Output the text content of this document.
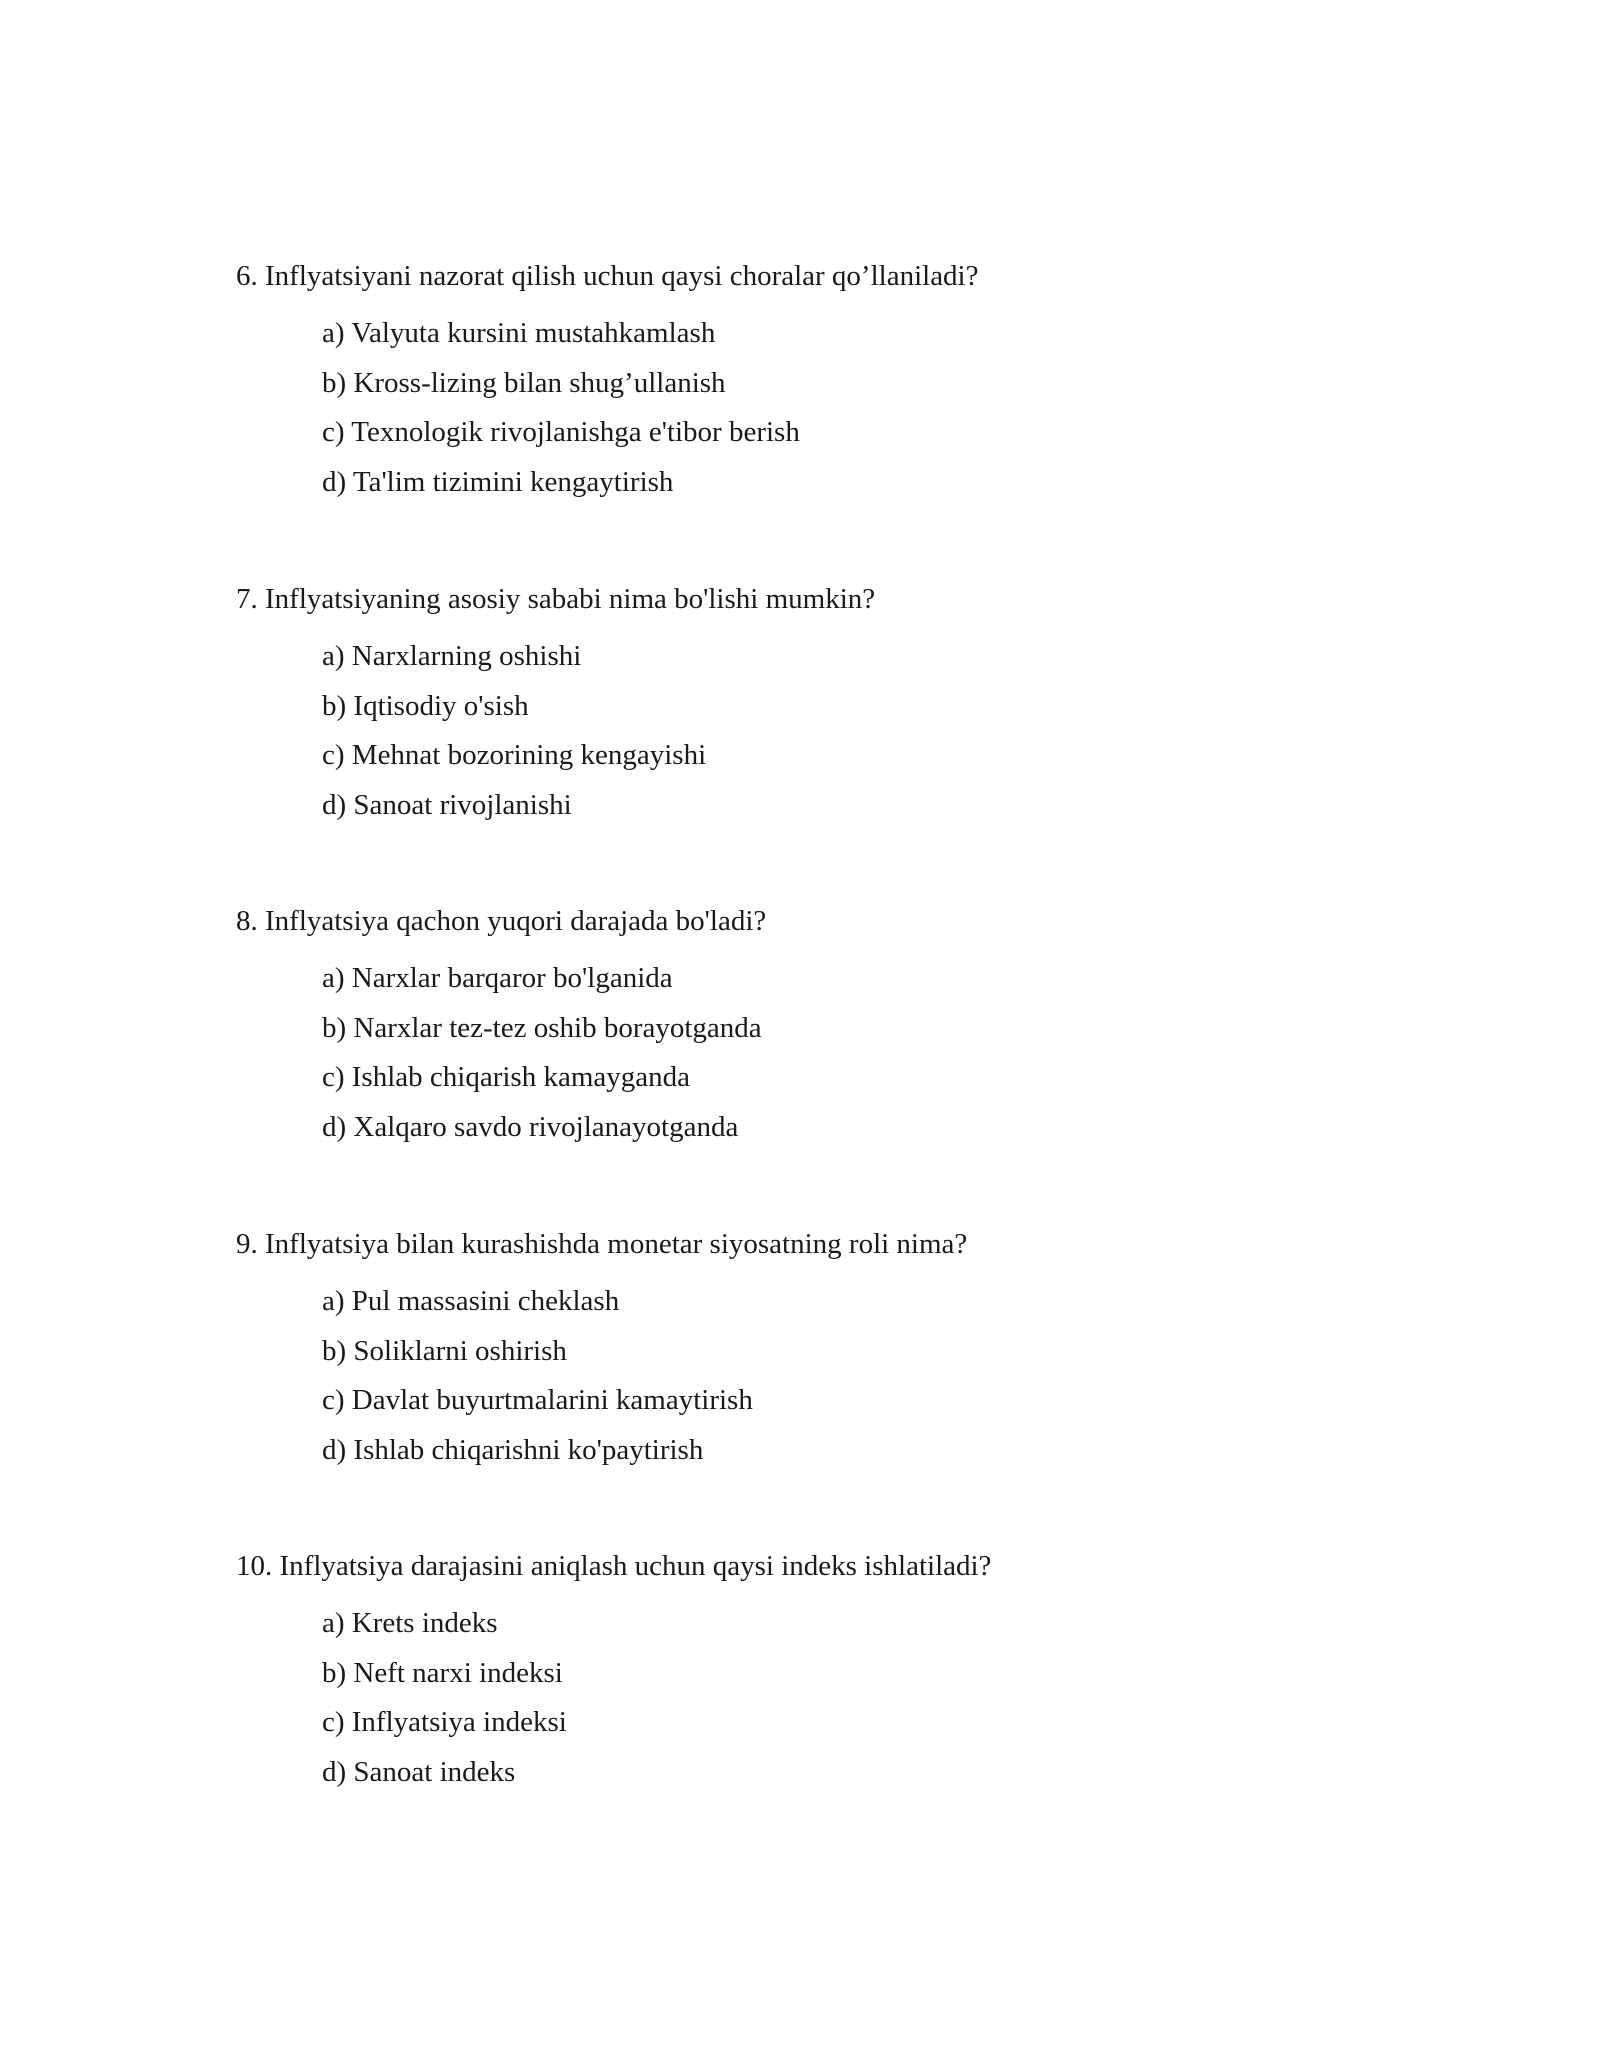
6. Inflyatsiyani nazorat qilish uchun qaysi choralar qo’llaniladi?

a) Valyuta kursini mustahkamlash
b) Kross-lizing bilan shug’ullanish
c) Texnologik rivojlanishga e'tibor berish
d) Ta'lim tizimini kengaytirish

7. Inflyatsiyaning asosiy sababi nima bo'lishi mumkin?

a) Narxlarning oshishi
b) Iqtisodiy o'sish
c) Mehnat bozorining kengayishi
d) Sanoat rivojlanishi

8. Inflyatsiya qachon yuqori darajada bo'ladi?

a) Narxlar barqaror bo'lganida
b) Narxlar tez-tez oshib borayotganda
c) Ishlab chiqarish kamayganda
d) Xalqaro savdo rivojlanayotganda

9. Inflyatsiya bilan kurashishda monetar siyosatning roli nima?

a) Pul massasini cheklash
b) Soliklarni oshirish
c) Davlat buyurtmalarini kamaytirish
d) Ishlab chiqarishni ko'paytirish

10. Inflyatsiya darajasini aniqlash uchun qaysi indeks ishlatiladi?

a) Krets indeks
b) Neft narxi indeksi
c) Inflyatsiya indeksi
d) Sanoat indeks
